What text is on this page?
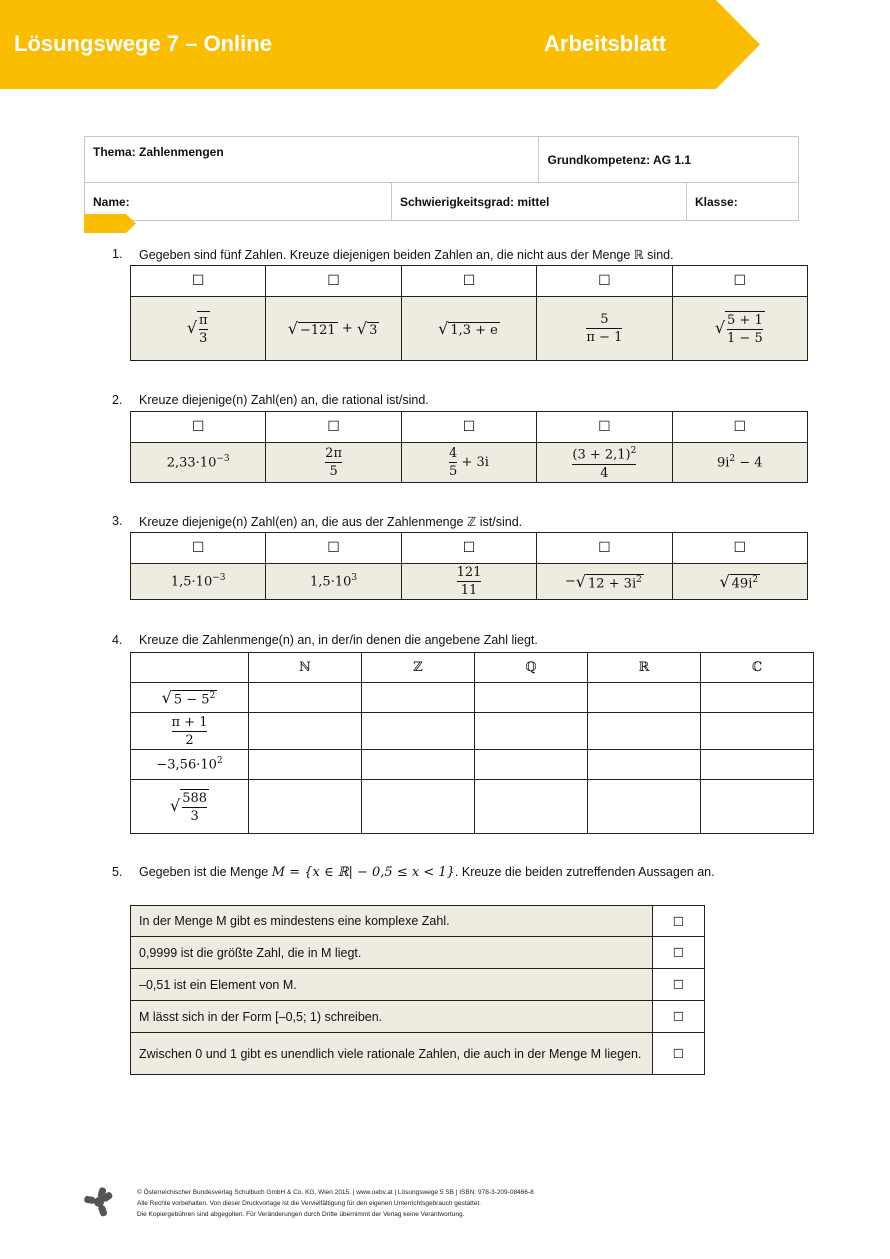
Lösungswege 7 – Online	Arbeitsblatt
Thema: Zahlenmengen		Grundkompetenz: AG 1.1	
Name:	Schwierigkeitsgrad: mittel		Klasse:
1. Gegeben sind fünf Zahlen. Kreuze diejenigen beiden Zahlen an, die nicht aus der Menge ℝ sind.
☐	☐	☐	☐	☐
√ $\frac{\pi}{3}$	√ −121 + √ 3	√ 1,3 + e	$\frac{5}{\pi - 1}$	√ $\frac{5 + 1}{1 - 5}$
2. Kreuze diejenige(n) Zahl(en) an, die rational ist/sind.
☐	☐	☐	☐	☐
$2,33\cdot 10^{-3}$	$\frac{2\pi}{5}$	$\frac{4}{5} + 3i$	$\frac{(3 + 2,1)^2}{4}$	$9i^2 - 4$
3. Kreuze diejenige(n) Zahl(en) an, die aus der Zahlenmenge ℤ ist/sind.
☐	☐	☐	☐	☐
$1,5\cdot 10^{-3}$	$1,5\cdot 10^3$	$\frac{121}{11}$	−√ $12 + 3i^2$	√ $49i^2$
4. Kreuze die Zahlenmenge(n) an, in der/in denen die angebene Zahl liegt.
	ℕ	ℤ	ℚ	ℝ	ℂ
√ $5 - 5^2$					

$\frac{\pi + 1}{2}$

$-3,56\cdot 10^2$					
√ $\frac{588}{3}$

5. Gegeben ist die Menge M = {x ∈ ℝ| − 0,5 ≤ x < 1}. Kreuze die beiden zutreffenden Aussagen an.
In der Menge M gibt es mindestens eine komplexe Zahl.	☐
0,9999 ist die größte Zahl, die in M liegt.	☐
–0,51 ist ein Element von M.	☐
M lässt sich in der Form [–0,5; 1) schreiben.	☐
Zwischen 0 und 1 gibt es unendlich viele rationale Zahlen, die auch in der Menge M liegen.	☐
© Österreichischer Bundesverlag Schulbuch GmbH & Co. KG, Wien 2015. | www.oebv.at | Lösungswege 5 SB | ISBN: 978-3-209-08466-8
Alle Rechte vorbehalten. Von dieser Druckvorlage ist die Vervielfältigung für den eigenen Unterrichtsgebrauch gestattet.
Die Kopiergebühren sind abgegolten. Für Veränderungen durch Dritte übernimmt der Verlag keine Verantwortung.
